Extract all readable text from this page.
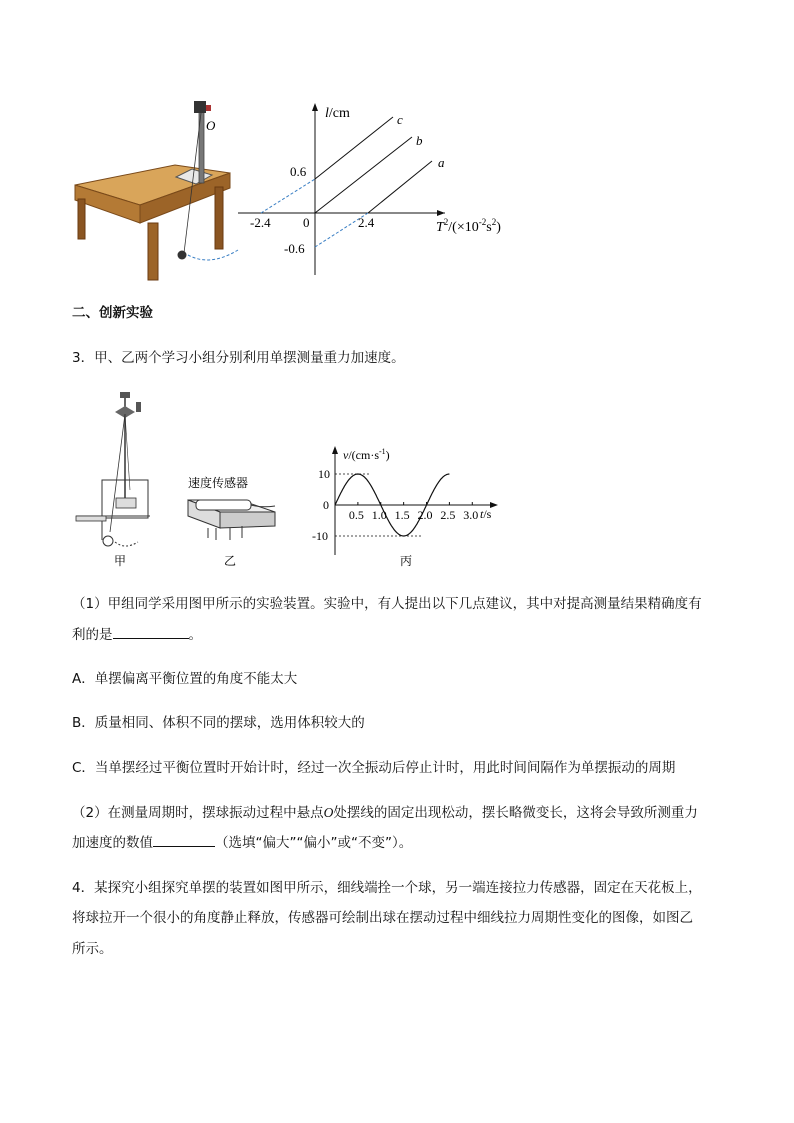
O
l/cm	c
b
a
0.6
-0.6
-2.4 0	2.4	$T^2/(\times 10^{-2}s^2)$
二、创新实验
3．甲、乙两个学习小组分别利用单摆测量重力加速度。
甲
速度传感器
乙
0.5 1.0 1.5 2.0 2.5 3.0
$v/(cm\cdot s^{-1})$
10
0
-10
t/s
丙
（1）甲组同学采用图甲所示的实验装置。实验中，有人提出以下几点建议，其中对提高测量结果精确度有
利的是	。
A．单摆偏离平衡位置的角度不能太大
B．质量相同、体积不同的摆球，选用体积较大的
C．当单摆经过平衡位置时开始计时，经过一次全振动后停止计时，用此时间间隔作为单摆振动的周期
（2）在测量周期时，摆球振动过程中悬点O处摆线的固定出现松动，摆长略微变长，这将会导致所测重力
加速度的数值	（选填“偏大”“偏小”或“不变”）。
4．某探究小组探究单摆的装置如图甲所示，细线端拴一个球，另一端连接拉力传感器，固定在天花板上，
将球拉开一个很小的角度静止释放，传感器可绘制出球在摆动过程中细线拉力周期性变化的图像，如图乙
所示。
